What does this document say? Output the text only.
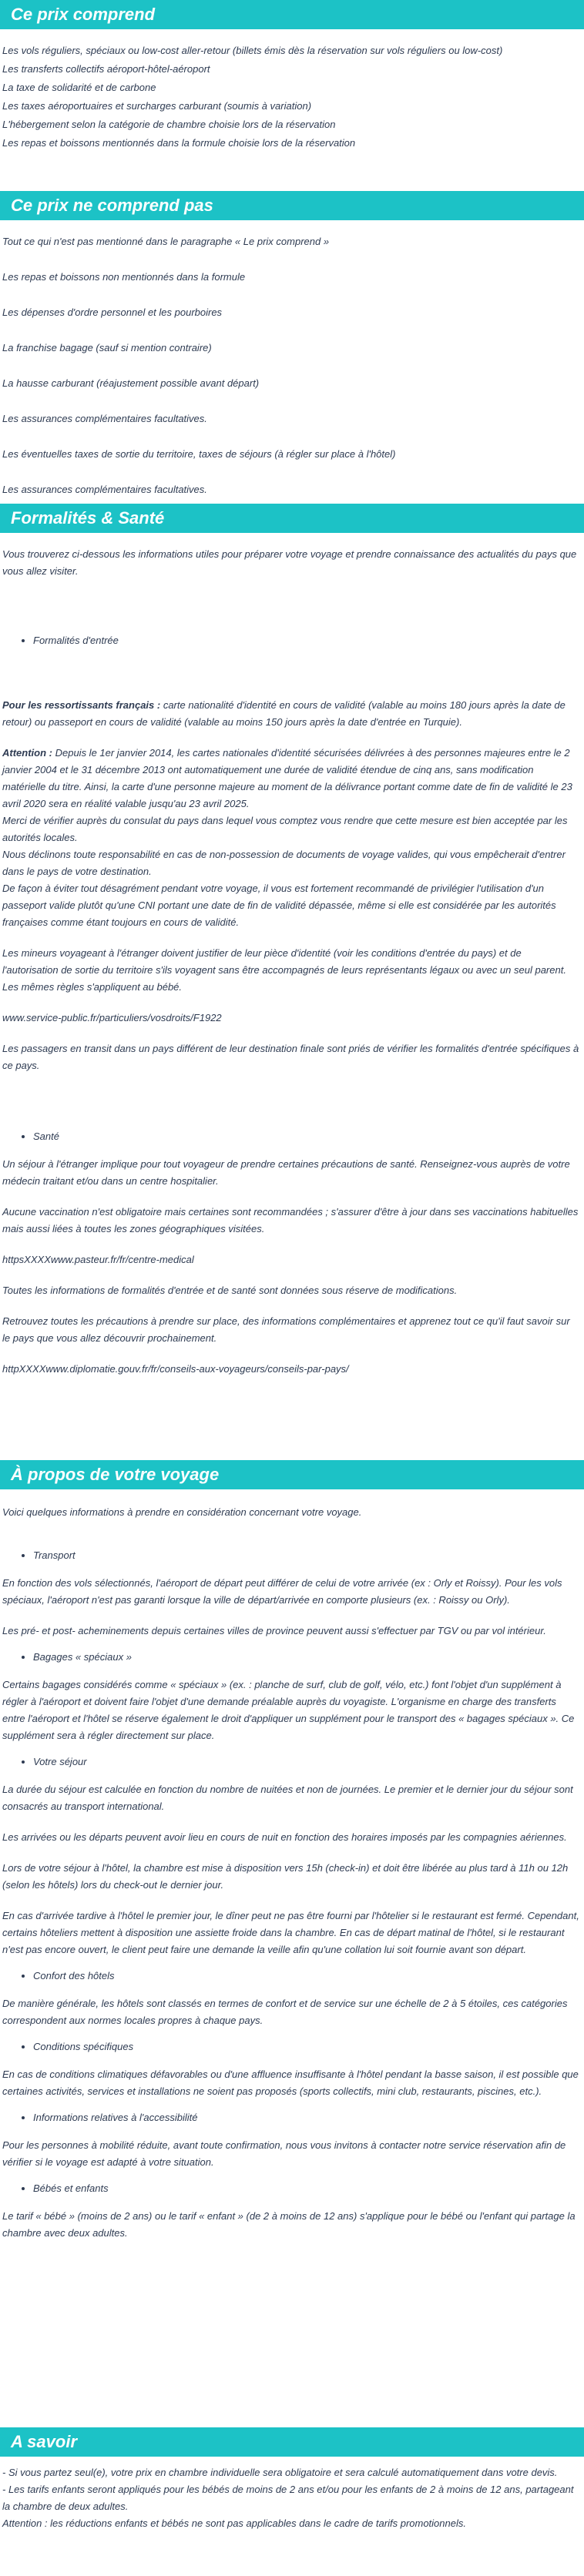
Ce prix comprend

Les vols réguliers, spéciaux ou low-cost aller-retour (billets émis dès la réservation sur vols réguliers ou low-cost)

Les transferts collectifs aéroport-hôtel-aéroport

La taxe de solidarité et de carbone

Les taxes aéroportuaires et surcharges carburant (soumis à variation)

L'hébergement selon la catégorie de chambre choisie lors de la réservation

Les repas et boissons mentionnés dans la formule choisie lors de la réservation

Ce prix ne comprend pas

Tout ce qui n'est pas mentionné dans le paragraphe « Le prix comprend »

Les repas et boissons non mentionnés dans la formule

Les dépenses d'ordre personnel et les pourboires

La franchise bagage (sauf si mention contraire)

La hausse carburant (réajustement possible avant départ)

Les assurances complémentaires facultatives.

Les éventuelles taxes de sortie du territoire, taxes de séjours (à régler sur place à l'hôtel)

Les assurances complémentaires facultatives.

Formalités & Santé

Vous trouverez ci-dessous les informations utiles pour préparer votre voyage et prendre connaissance des actualités du pays que vous allez visiter.

• Formalités d'entrée

Pour les ressortissants français : carte nationalité d'identité en cours de validité (valable au moins 180 jours après la date de retour) ou passeport en cours de validité (valable au moins 150 jours après la date d'entrée en Turquie).

Attention : Depuis le 1er janvier 2014, les cartes nationales d'identité sécurisées délivrées à des personnes majeures entre le 2 janvier 2004 et le 31 décembre 2013 ont automatiquement une durée de validité étendue de cinq ans, sans modification matérielle du titre. Ainsi, la carte d'une personne majeure au moment de la délivrance portant comme date de fin de validité le 23 avril 2020 sera en réalité valable jusqu'au 23 avril 2025.

Merci de vérifier auprès du consulat du pays dans lequel vous comptez vous rendre que cette mesure est bien acceptée par les autorités locales.

Nous déclinons toute responsabilité en cas de non-possession de documents de voyage valides, qui vous empêcherait d'entrer dans le pays de votre destination.

De façon à éviter tout désagrément pendant votre voyage, il vous est fortement recommandé de privilégier l'utilisation d'un passeport valide plutôt qu'une CNI portant une date de fin de validité dépassée, même si elle est considérée par les autorités françaises comme étant toujours en cours de validité.

Les mineurs voyageant à l'étranger doivent justifier de leur pièce d'identité (voir les conditions d'entrée du pays) et de l'autorisation de sortie du territoire s'ils voyagent sans être accompagnés de leurs représentants légaux ou avec un seul parent. Les mêmes règles s'appliquent au bébé.

www.service-public.fr/particuliers/vosdroits/F1922

Les passagers en transit dans un pays différent de leur destination finale sont priés de vérifier les formalités d'entrée spécifiques à ce pays.

• Santé

Un séjour à l'étranger implique pour tout voyageur de prendre certaines précautions de santé. Renseignez-vous auprès de votre médecin traitant et/ou dans un centre hospitalier.

Aucune vaccination n'est obligatoire mais certaines sont recommandées ; s'assurer d'être à jour dans ses vaccinations habituelles mais aussi liées à toutes les zones géographiques visitées.

httpsXXXXwww.pasteur.fr/fr/centre-medical

Toutes les informations de formalités d'entrée et de santé sont données sous réserve de modifications.

Retrouvez toutes les précautions à prendre sur place, des informations complémentaires et apprenez tout ce qu'il faut savoir sur le pays que vous allez découvrir prochainement.

httpXXXXwww.diplomatie.gouv.fr/fr/conseils-aux-voyageurs/conseils-par-pays/

À propos de votre voyage

Voici quelques informations à prendre en considération concernant votre voyage.

• Transport

En fonction des vols sélectionnés, l'aéroport de départ peut différer de celui de votre arrivée (ex : Orly et Roissy). Pour les vols spéciaux, l'aéroport n'est pas garanti lorsque la ville de départ/arrivée en comporte plusieurs (ex. : Roissy ou Orly).

Les pré- et post- acheminements depuis certaines villes de province peuvent aussi s'effectuer par TGV ou par vol intérieur.

• Bagages « spéciaux »

Certains bagages considérés comme « spéciaux » (ex. : planche de surf, club de golf, vélo, etc.) font l'objet d'un supplément à régler à l'aéroport et doivent faire l'objet d'une demande préalable auprès du voyagiste. L'organisme en charge des transferts entre l'aéroport et l'hôtel se réserve également le droit d'appliquer un supplément pour le transport des « bagages spéciaux ». Ce supplément sera à régler directement sur place.

• Votre séjour

La durée du séjour est calculée en fonction du nombre de nuitées et non de journées. Le premier et le dernier jour du séjour sont consacrés au transport international.

Les arrivées ou les départs peuvent avoir lieu en cours de nuit en fonction des horaires imposés par les compagnies aériennes.

Lors de votre séjour à l'hôtel, la chambre est mise à disposition vers 15h (check-in) et doit être libérée au plus tard à 11h ou 12h (selon les hôtels) lors du check-out le dernier jour.

En cas d'arrivée tardive à l'hôtel le premier jour, le dîner peut ne pas être fourni par l'hôtelier si le restaurant est fermé. Cependant, certains hôteliers mettent à disposition une assiette froide dans la chambre. En cas de départ matinal de l'hôtel, si le restaurant n'est pas encore ouvert, le client peut faire une demande la veille afin qu'une collation lui soit fournie avant son départ.

• Confort des hôtels

De manière générale, les hôtels sont classés en termes de confort et de service sur une échelle de 2 à 5 étoiles, ces catégories correspondent aux normes locales propres à chaque pays.

• Conditions spécifiques

En cas de conditions climatiques défavorables ou d'une affluence insuffisante à l'hôtel pendant la basse saison, il est possible que certaines activités, services et installations ne soient pas proposés (sports collectifs, mini club, restaurants, piscines, etc.).

• Informations relatives à l'accessibilité

Pour les personnes à mobilité réduite, avant toute confirmation, nous vous invitons à contacter notre service réservation afin de vérifier si le voyage est adapté à votre situation.

• Bébés et enfants

Le tarif « bébé » (moins de 2 ans) ou le tarif « enfant » (de 2 à moins de 12 ans) s'applique pour le bébé ou l'enfant qui partage la chambre avec deux adultes.

A savoir

- Si vous partez seul(e), votre prix en chambre individuelle sera obligatoire et sera calculé automatiquement dans votre devis.

- Les tarifs enfants seront appliqués pour les bébés de moins de 2 ans et/ou pour les enfants de 2 à moins de 12 ans, partageant la chambre de deux adultes.

Attention : les réductions enfants et bébés ne sont pas applicables dans le cadre de tarifs promotionnels.
